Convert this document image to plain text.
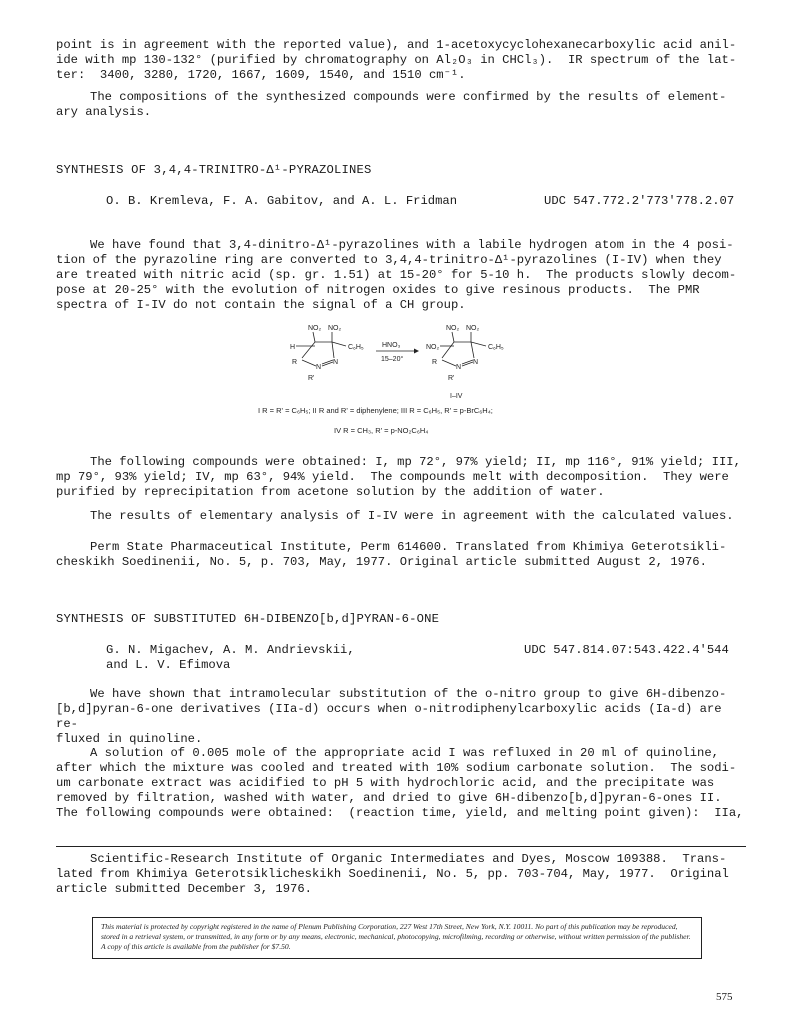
point is in agreement with the reported value), and 1-acetoxycyclohexanecarboxylic acid anil-
ide with mp 130-132° (purified by chromatography on Al₂O₃ in CHCl₃).  IR spectrum of the lat-
ter:  3400, 3280, 1720, 1667, 1609, 1540, and 1510 cm⁻¹.

The compositions of the synthesized compounds were confirmed by the results of element-
ary analysis.

SYNTHESIS OF 3,4,4-TRINITRO-Δ¹-PYRAZOLINES
O. B. Kremleva, F. A. Gabitov, and A. L. Fridman	UDC 547.772.2'773'778.2.07

We have found that 3,4-dinitro-Δ¹-pyrazolines with a labile hydrogen atom in the 4 posi-
tion of the pyrazoline ring are converted to 3,4,4-trinitro-Δ¹-pyrazolines (I-IV) when they
are treated with nitric acid (sp. gr. 1.51) at 15-20° for 5-10 h.  The products slowly decom-
pose at 20-25° with the evolution of nitrogen oxides to give resinous products.  The PMR
spectra of I-IV do not contain the signal of a CH group.

NO₂ NO₂
H	C₆H₅
R
N
N
R'
HNO₃
15–20°
NO₂ NO₂
NO₂	C₆H₅
R
N
N
R'
I–IV
I R = R' = C₆H₅; II R and R' = diphenylene; III R = C₆H₅, R' = p-BrC₆H₄;
IV R = CH₃, R' = p-NO₂C₆H₄

The following compounds were obtained: I, mp 72°, 97% yield; II, mp 116°, 91% yield; III,
mp 79°, 93% yield; IV, mp 63°, 94% yield.  The compounds melt with decomposition.  They were
purified by reprecipitation from acetone solution by the addition of water.

The results of elementary analysis of I-IV were in agreement with the calculated values.

Perm State Pharmaceutical Institute, Perm 614600. Translated from Khimiya Geterotsikli-
cheskikh Soedinenii, No. 5, p. 703, May, 1977. Original article submitted August 2, 1976.

SYNTHESIS OF SUBSTITUTED 6H-DIBENZO[b,d]PYRAN-6-ONE
G. N. Migachev, A. M. Andrievskii,
and L. V. Efimova
UDC 547.814.07:543.422.4'544

We have shown that intramolecular substitution of the o-nitro group to give 6H-dibenzo-
[b,d]pyran-6-one derivatives (IIa-d) occurs when o-nitrodiphenylcarboxylic acids (Ia-d) are re-
fluxed in quinoline.

A solution of 0.005 mole of the appropriate acid I was refluxed in 20 ml of quinoline,
after which the mixture was cooled and treated with 10% sodium carbonate solution.  The sodi-
um carbonate extract was acidified to pH 5 with hydrochloric acid, and the precipitate was
removed by filtration, washed with water, and dried to give 6H-dibenzo[b,d]pyran-6-ones II.
The following compounds were obtained:  (reaction time, yield, and melting point given):  IIa,

Scientific-Research Institute of Organic Intermediates and Dyes, Moscow 109388.  Trans-
lated from Khimiya Geterotsiklicheskikh Soedinenii, No. 5, pp. 703-704, May, 1977.  Original
article submitted December 3, 1976.

This material is protected by copyright registered in the name of Plenum Publishing Corporation, 227 West 17th Street, New York, N.Y. 10011. No part of this publication may be reproduced, stored in a retrieval system, or transmitted, in any form or by any means, electronic, mechanical, photocopying, microfilming, recording or otherwise, without written permission of the publisher. A copy of this article is available from the publisher for $7.50.
575
